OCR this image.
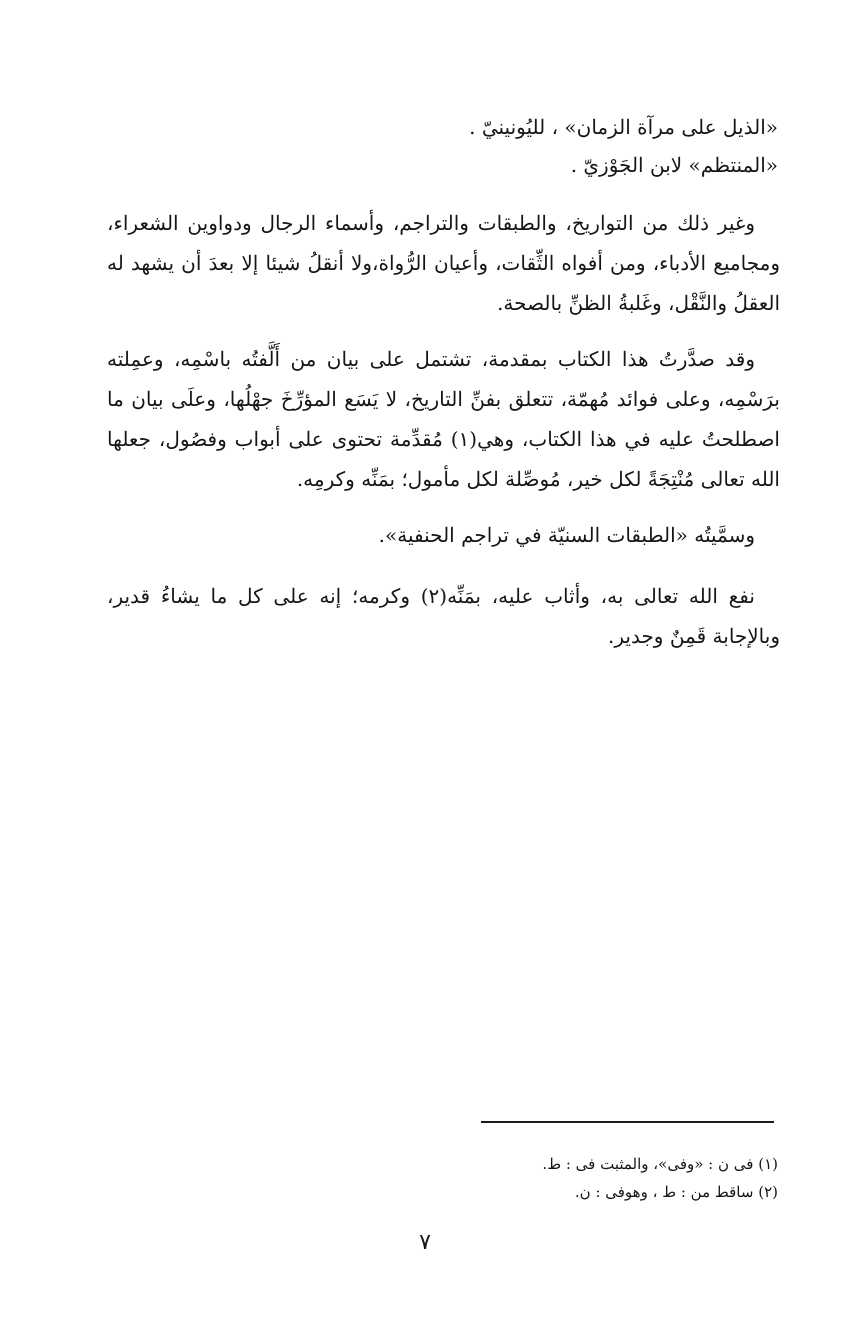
«الذيل على مرآة الزمان» ، لليُونينيّ .
«المنتظم» لابن الجَوْزيّ .

وغير ذلك من التواريخ، والطبقات والتراجم، وأسماء الرجال ودواوين الشعراء، ومجاميع الأدباء، ومن أفواه الثِّقات، وأعيان الرُّواة،ولا أنقلُ شيئا إلا بعدَ أن يشهد له العقلُ والنَّقْل، وغَلبةُ الظنِّ بالصحة.

وقد صدَّرتُ هذا الكتاب بمقدمة، تشتمل على بيان من أَلَّفتُه باسْمِه، وعمِلته برَسْمِه، وعلى فوائد مُهمّة، تتعلق بفنِّ التاريخ، لا يَسَع المؤرِّخَ جهْلُها، وعلَى بيان ما اصطلحتُ عليه في هذا الكتاب، وهي(١) مُقدِّمة تحتوى على أبواب وفصُول، جعلها الله تعالى مُنْتِجَةً لكل خير، مُوصِّلة لكل مأمول؛ بمَنِّه وكرمِه.

وسمَّيتُه «الطبقات السنيّة في تراجم الحنفية».

نفع الله تعالى به، وأثاب عليه، بمَنِّه(٢) وكرمه؛ إنه على كل ما يشاءُ قدير، وبالإجابة قَمِنٌ وجدير.

(١) فى ن : «وفى»، والمثبت فى : ط.
(٢) ساقط من : ط ، وهوفى : ن.
٧
